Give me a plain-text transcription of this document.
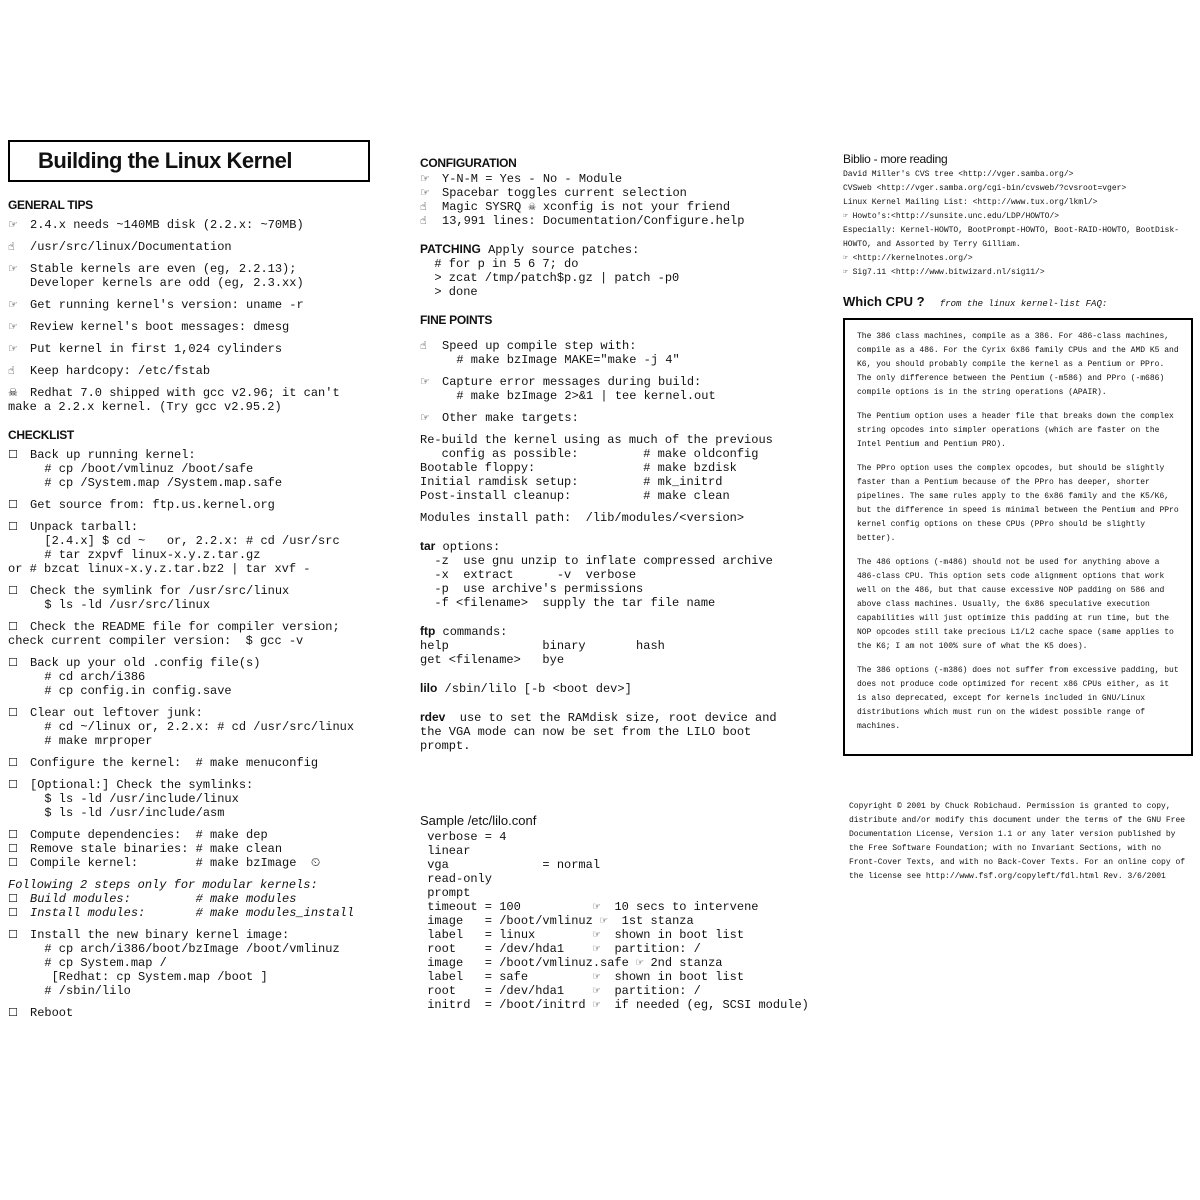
Building the Linux Kernel
GENERAL TIPS
☞	2.4.x needs ~140MB disk (2.2.x: ~70MB)
☝	/usr/src/linux/Documentation
☞	Stable kernels are even (eg, 2.2.13);
Developer kernels are odd (eg, 2.3.xx)
☞	Get running kernel's version: uname -r
☞	Review kernel's boot messages: dmesg
☞	Put kernel in first 1,024 cylinders
☝	Keep hardcopy: /etc/fstab
☠	Redhat 7.0 shipped with gcc v2.96; it can't
make a 2.2.x kernel. (Try gcc v2.95.2)
CHECKLIST
☐	Back up running kernel:
# cp /boot/vmlinuz /boot/safe
# cp /System.map /System.map.safe
☐	Get source from: ftp.us.kernel.org
☐	Unpack tarball:
[2.4.x] $ cd ~   or, 2.2.x: # cd /usr/src
# tar zxpvf linux-x.y.z.tar.gz
or # bzcat linux-x.y.z.tar.bz2 | tar xvf -
☐	Check the symlink for /usr/src/linux
$ ls -ld /usr/src/linux
☐	Check the README file for compiler version;
check current compiler version:  $ gcc -v
☐	Back up your old .config file(s)
# cd arch/i386
# cp config.in config.save
☐	Clear out leftover junk:
# cd ~/linux or, 2.2.x: # cd /usr/src/linux
# make mrproper
☐	Configure the kernel:  # make menuconfig
☐	[Optional:] Check the symlinks:
$ ls -ld /usr/include/linux
$ ls -ld /usr/include/asm
☐	Compute dependencies:  # make dep
☐	Remove stale binaries: # make clean
☐	Compile kernel:        # make bzImage  ⏲
Following 2 steps only for modular kernels:
☐	Build modules:         # make modules
☐	Install modules:       # make modules_install
☐	Install the new binary kernel image:
# cp arch/i386/boot/bzImage /boot/vmlinuz
# cp System.map /
[Redhat: cp System.map /boot ]
# /sbin/lilo
☐	Reboot
CONFIGURATION
☞	Y-N-M = Yes - No - Module
☞	Spacebar toggles current selection
☝	Magic SYSRQ ☠ xconfig is not your friend
☝	13,991 lines: Documentation/Configure.help
PATCHING Apply source patches:
# for p in 5 6 7; do
> zcat /tmp/patch$p.gz | patch -p0
> done
FINE POINTS
☝	Speed up compile step with:
# make bzImage MAKE="make -j 4"
☞	Capture error messages during build:
# make bzImage 2>&1 | tee kernel.out
☞	Other make targets:
Re-build the kernel using as much of the previous
config as possible:         # make oldconfig
Bootable floppy:               # make bzdisk
Initial ramdisk setup:         # mk_initrd
Post-install cleanup:          # make clean
Modules install path:  /lib/modules/<version>
tar options:
-z  use gnu unzip to inflate compressed archive
-x  extract      -v  verbose
-p  use archive's permissions
-f <filename>  supply the tar file name
ftp commands:
help             binary       hash
get <filename>   bye
lilo /sbin/lilo [-b <boot dev>]
rdev  use to set the RAMdisk size, root device and
the VGA mode can now be set from the LILO boot
prompt.
Sample /etc/lilo.conf
verbose = 4
linear
vga             = normal
read-only
prompt
timeout = 100          ☞  10 secs to intervene
image   = /boot/vmlinuz ☞  1st stanza
label   = linux        ☞  shown in boot list
root    = /dev/hda1    ☞  partition: /
image   = /boot/vmlinuz.safe ☞ 2nd stanza
label   = safe         ☞  shown in boot list
root    = /dev/hda1    ☞  partition: /
initrd  = /boot/initrd ☞  if needed (eg, SCSI module)
Biblio - more reading
David Miller's CVS tree <http://vger.samba.org/>
CVSweb <http://vger.samba.org/cgi-bin/cvsweb/?cvsroot=vger>
Linux Kernel Mailing List: <http://www.tux.org/lkml/>
☞ Howto's:<http://sunsite.unc.edu/LDP/HOWTO/>
Especially: Kernel-HOWTO, BootPrompt-HOWTO, Boot-RAID-HOWTO, BootDisk-HOWTO, and Assorted by Terry Gilliam.
☞ <http://kernelnotes.org/>
☞ Sig7.11 <http://www.bitwizard.nl/sig11/>
Which CPU ? from the linux kernel-list FAQ:

The 386 class machines, compile as a 386. For 486-class machines, compile as a 486. For the Cyrix 6x86 family CPUs and the AMD K5 and K6, you should probably compile the kernel as a Pentium or PPro. The only difference between the Pentium (-m586) and PPro (-m686) compile options is in the string operations (APAIR).

The Pentium option uses a header file that breaks down the complex string opcodes into simpler operations (which are faster on the Intel Pentium and Pentium PRO).

The PPro option uses the complex opcodes, but should be slightly faster than a Pentium because of the PPro has deeper, shorter pipelines. The same rules apply to the 6x86 family and the K5/K6, but the difference in speed is minimal between the Pentium and PPro kernel config options on these CPUs (PPro should be slightly better).

The 486 options (-m486) should not be used for anything above a 486-class CPU. This option sets code alignment options that work well on the 486, but that cause excessive NOP padding on 586 and above class machines. Usually, the 6x86 speculative execution capabilities will just optimize this padding at run time, but the NOP opcodes still take precious L1/L2 cache space (same applies to the K6; I am not 100% sure of what the K5 does).

The 386 options (-m386) does not suffer from excessive padding, but does not produce code optimized for recent x86 CPUs either, as it is also deprecated, except for kernels included in GNU/Linux distributions which must run on the widest possible range of machines.

Copyright © 2001 by Chuck Robichaud. Permission is granted to copy, distribute and/or modify this document under the terms of the GNU Free Documentation License, Version 1.1 or any later version published by the Free Software Foundation; with no Invariant Sections, with no Front-Cover Texts, and with no Back-Cover Texts. For an online copy of the license see http://www.fsf.org/copyleft/fdl.html Rev. 3/6/2001
